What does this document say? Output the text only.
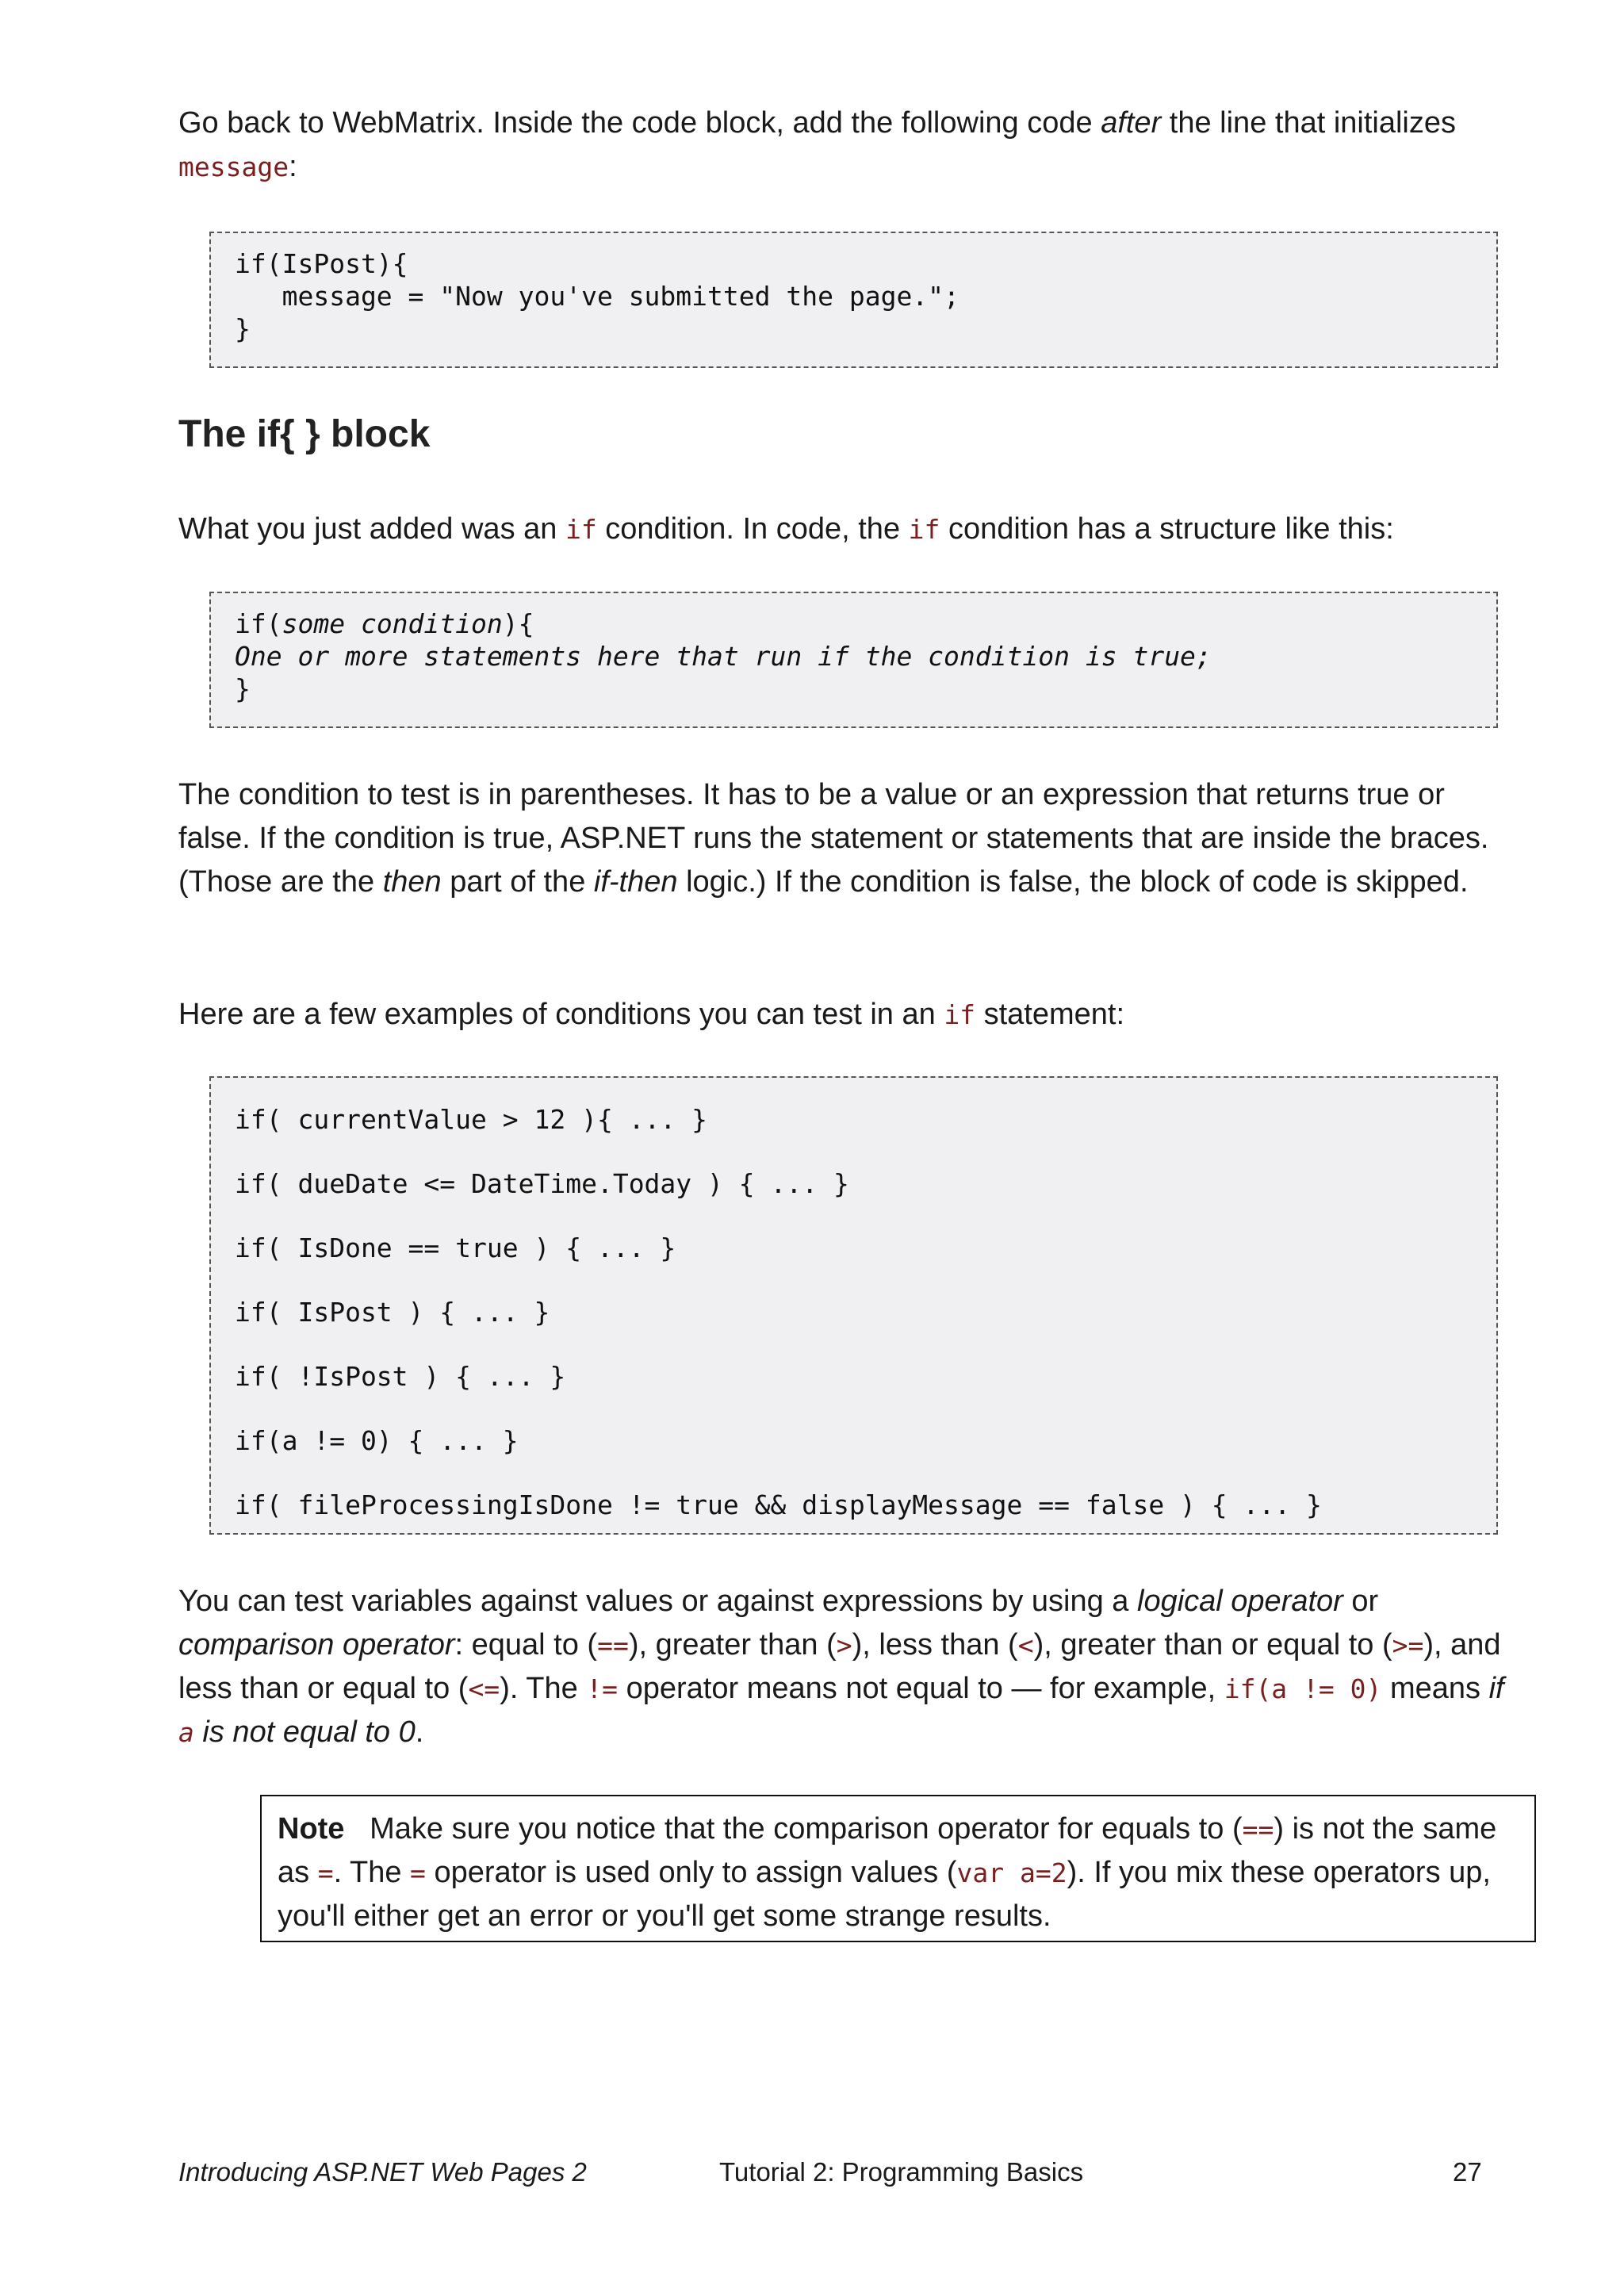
Go back to WebMatrix. Inside the code block, add the following code after the line that initializes
message:

if(IsPost){
message = "Now you've submitted the page.";
}
The if{ } block

What you just added was an if condition. In code, the if condition has a structure like this:

if(some condition){
One or more statements here that run if the condition is true;
}

The condition to test is in parentheses. It has to be a value or an expression that returns true or false. If the condition is true, ASP.NET runs the statement or statements that are inside the braces. (Those are the then part of the if-then logic.) If the condition is false, the block of code is skipped.

Here are a few examples of conditions you can test in an if statement:

if( currentValue > 12 ){ ... }
if( dueDate <= DateTime.Today ) { ... }
if( IsDone == true ) { ... }
if( IsPost ) { ... }
if( !IsPost ) { ... }
if(a != 0) { ... }
if( fileProcessingIsDone != true && displayMessage == false ) { ... }

You can test variables against values or against expressions by using a logical operator or comparison operator: equal to (==), greater than (>), less than (<), greater than or equal to (>=), and less than or equal to (<=). The != operator means not equal to — for example, if(a != 0) means if a is not equal to 0.

Note   Make sure you notice that the comparison operator for equals to (==) is not the same as =. The = operator is used only to assign values (var a=2). If you mix these operators up, you'll either get an error or you'll get some strange results.
Introducing ASP.NET Web Pages 2	Tutorial 2: Programming Basics	27
